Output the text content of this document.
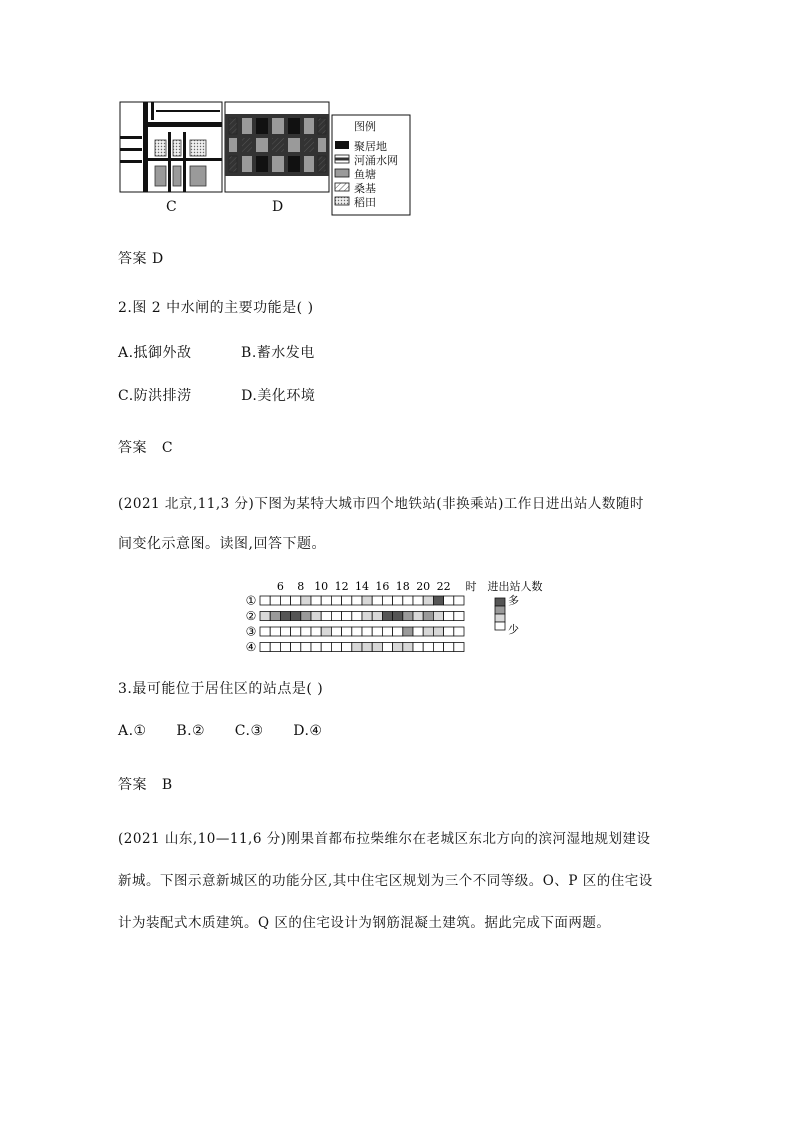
C	D
图例
聚居地
河涌水网
鱼塘
桑基
稻田
答案 D
2.图 2 中水闸的主要功能是( )
A.抵御外敌          B.蓄水发电
C.防洪排涝          D.美化环境
答案   C
(2021 北京,11,3 分)下图为某特大城市四个地铁站(非换乘站)工作日进出站人数随时
间变化示意图。读图,回答下题。
6 8 10 12 14 16 18 20 22 时
①
②
③
④
进出站人数
多
少
3.最可能位于居住区的站点是( )
A.①      B.②      C.③      D.④
答案   B
(2021 山东,10—11,6 分)刚果首都布拉柴维尔在老城区东北方向的滨河湿地规划建设
新城。下图示意新城区的功能分区,其中住宅区规划为三个不同等级。O、P 区的住宅设
计为装配式木质建筑。Q 区的住宅设计为钢筋混凝土建筑。据此完成下面两题。
